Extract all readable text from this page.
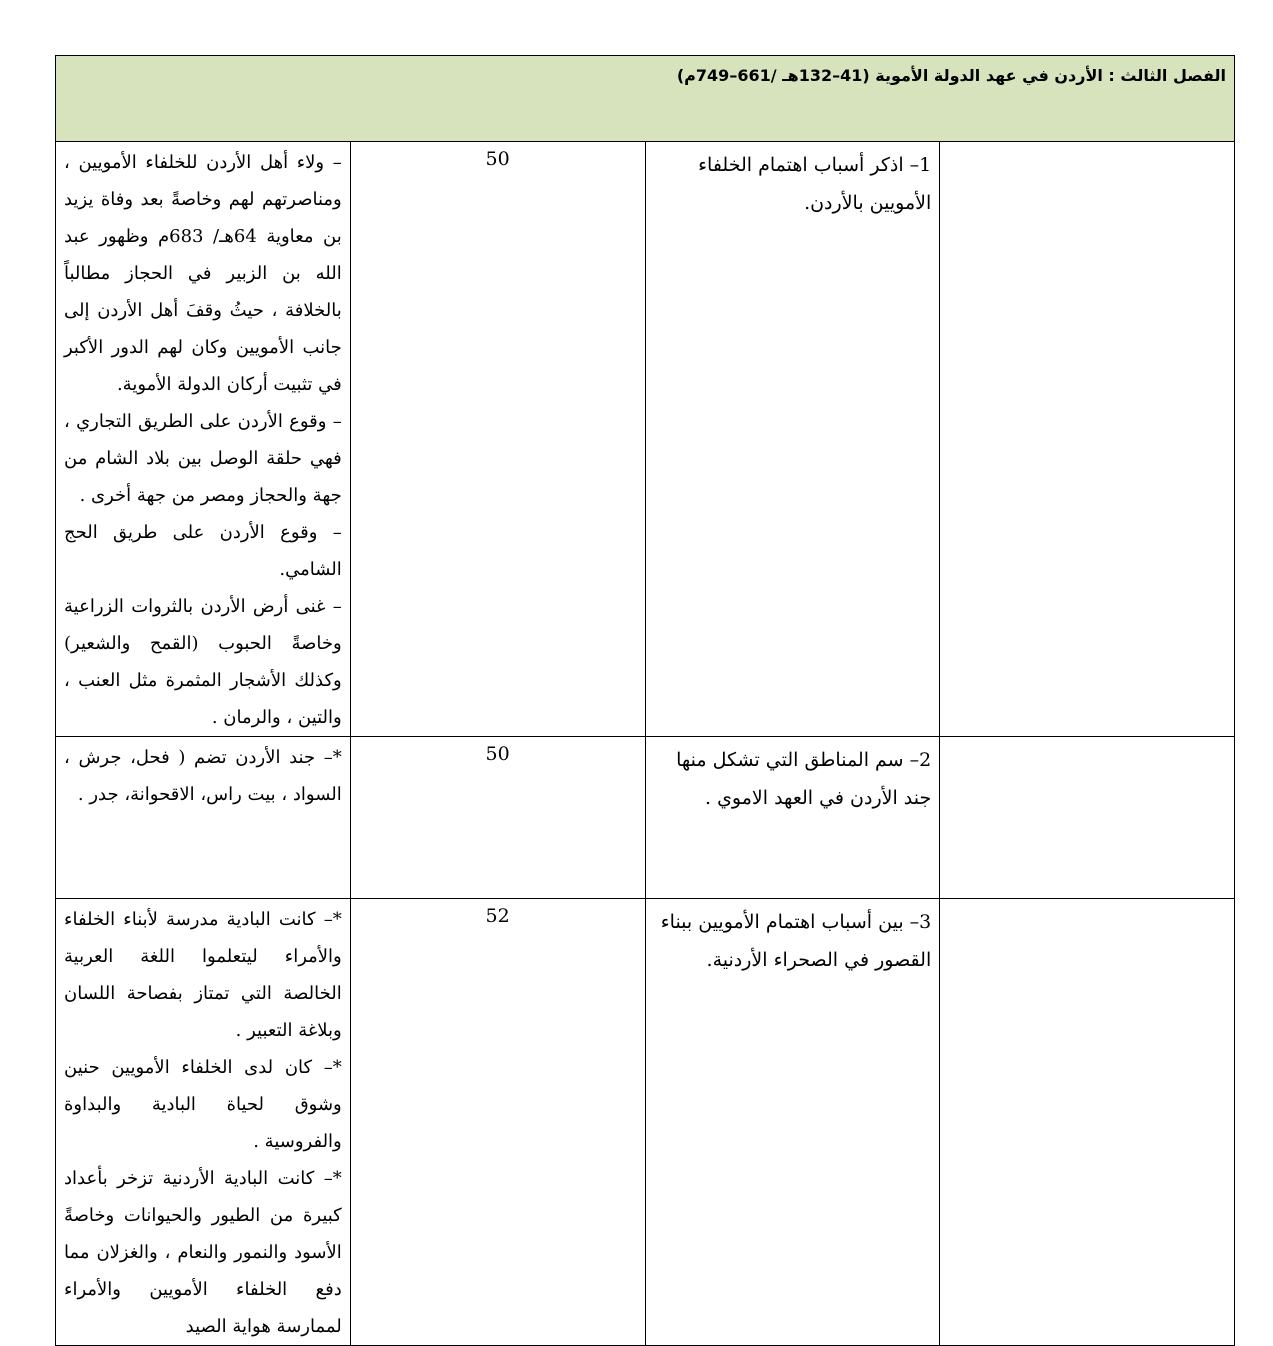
الفصل الثالث : الأردن في عهد الدولة الأموية (41–132هـ /661–749م)			
	1– اذكر أسباب اهتمام الخلفاء الأمويين بالأردن.	50	– ولاء أهل الأردن للخلفاء الأمويين ، ومناصرتهم لهم وخاصةً بعد وفاة يزيد بن معاوية 64هـ/ 683م وظهور عبد الله بن الزبير في الحجاز مطالباً بالخلافة ، حيثُ وقفَ أهل الأردن إلى جانب الأمويين وكان لهم الدور الأكبر في تثبيت أركان الدولة الأموية.

– وقوع الأردن على الطريق التجاري ، فهي حلقة الوصل بين بلاد الشام من جهة والحجاز ومصر من جهة أخرى .

– وقوع الأردن على طريق الحج الشامي.

– غنى أرض الأردن بالثروات الزراعية وخاصةً الحبوب (القمح والشعير) وكذلك الأشجار المثمرة مثل العنب ، والتين ، والرمان .

	2– سم المناطق التي تشكل منها جند الأردن في العهد الاموي .	50	*– جند الأردن تضم ( فحل، جرش ، السواد ، بيت راس، الاقحوانة، جدر .

	3– بين أسباب اهتمام الأمويين ببناء القصور في الصحراء الأردنية.	52	*– كانت البادية مدرسة لأبناء الخلفاء والأمراء ليتعلموا اللغة العربية الخالصة التي تمتاز بفصاحة اللسان وبلاغة التعبير .

*– كان لدى الخلفاء الأمويين حنين وشوق لحياة البادية والبداوة والفروسية .

*– كانت البادية الأردنية تزخر بأعداد كبيرة من الطيور والحيوانات وخاصةً الأسود والنمور والنعام ، والغزلان مما دفع الخلفاء الأمويين والأمراء لممارسة هواية الصيد
